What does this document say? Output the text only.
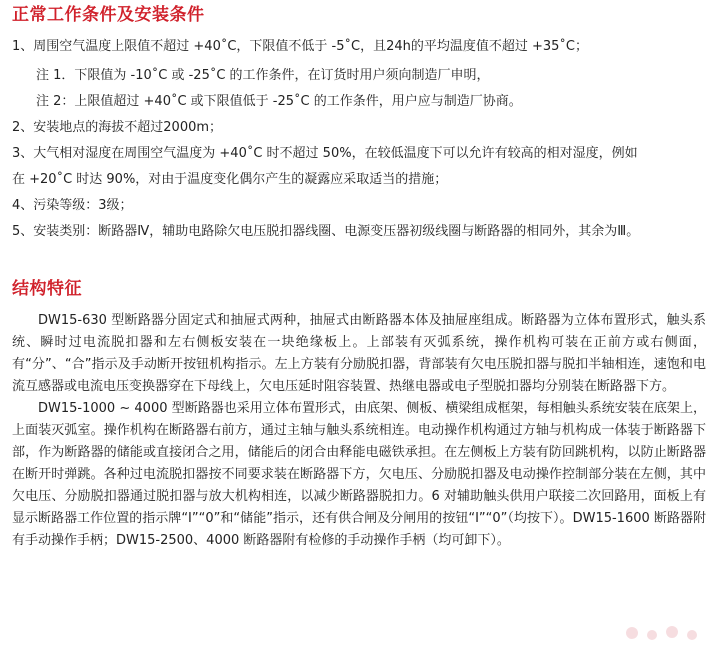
正常工作条件及安装条件
1、周围空气温度上限值不超过 +40˚C，下限值不低于 -5˚C，且24h的平均温度值不超过 +35˚C；
注 1．下限值为 -10˚C 或 -25˚C 的工作条件，在订货时用户须向制造厂申明，
注 2：上限值超过 +40˚C 或下限值低于 -25˚C 的工作条件，用户应与制造厂协商。
2、安装地点的海拔不超过2000m；
3、大气相对湿度在周围空气温度为 +40˚C 时不超过 50%，在较低温度下可以允许有较高的相对湿度，例如
在 +20˚C 时达 90%，对由于温度变化偶尔产生的凝露应采取适当的措施；
4、污染等级：3级；
5、安装类别：断路器Ⅳ，辅助电路除欠电压脱扣器线圈、电源变压器初级线圈与断路器的相同外，其余为Ⅲ。
结构特征

DW15-630 型断路器分固定式和抽屉式两种，抽屉式由断路器本体及抽屉座组成。断路器为立体布置形式，触头系统、瞬时过电流脱扣器和左右侧板安装在一块绝缘板上。上部装有灭弧系统，操作机构可装在正前方或右侧面，有“分”、“合”指示及手动断开按钮机构指示。左上方装有分励脱扣器，背部装有欠电压脱扣器与脱扣半轴相连，速饱和电流互感器或电流电压变换器穿在下母线上，欠电压延时阻容装置、热继电器或电子型脱扣器均分别装在断路器下方。

DW15-1000 ~ 4000 型断路器也采用立体布置形式，由底架、侧板、横梁组成框架，每相触头系统安装在底架上，上面装灭弧室。操作机构在断路器右前方，通过主轴与触头系统相连。电动操作机构通过方轴与机构成一体装于断路器下部，作为断路器的储能或直接闭合之用，储能后的闭合由释能电磁铁承担。在左侧板上方装有防回跳机构，以防止断路器在断开时弹跳。各种过电流脱扣器按不同要求装在断路器下方，欠电压、分励脱扣器及电动操作控制部分装在左侧，其中欠电压、分励脱扣器通过脱扣器与放大机构相连，以减少断路器脱扣力。6 对辅助触头供用户联接二次回路用，面板上有显示断路器工作位置的指示牌“I”“0”和“储能”指示，还有供合闸及分闸用的按钮“I”“0”（均按下）。DW15-1600 断路器附有手动操作手柄；DW15-2500、4000 断路器附有检修的手动操作手柄（均可卸下）。
